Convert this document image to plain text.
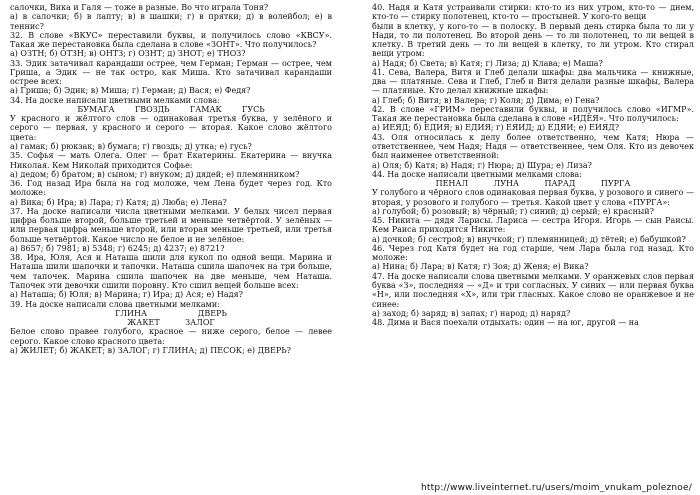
салочки, Вика и Галя — тоже в разные. Во что играла Тоня?

а) в салочки; б) в лапту; в) в шашки; г) в прятки; д) в волейбол; е) в теннис?

32. В слове «ВКУС» переставили буквы, и получилось слово «КВСУ». Такая же перестановка была сделана в слове «ЗОНТ». Что получилось?

а) ОЗТН; б) ОТЗН; в) ОНТЗ; г) ОЗНТ; д) ЗНОТ; е) ТНОЗ?

33. Эдик затачивал карандаши острее, чем Герман; Герман — острее, чем Гриша, а Эдик — не так остро, как Миша. Кто затачивал карандаши острее всех:

а) Гриша; б) Эдик; в) Миша; г) Герман; д) Вася; е) Федя?

34. На доске написали цветными мелками слова:

БУМАГА        ГВОЗДЬ        ГАМАК        ГУСЬ

У красного и жёлтого слов — одинаковая третья буква, у зелёного и серого — первая, у красного и серого — вторая. Какое слово жёлтого цвета:

а) гамак; б) рюкзак; в) бумага; г) гвоздь; д) утка; е) гусь?

35. Софья — мать Олега. Олег — брат Екатерины. Екатерина — внучка Николая. Кем Николай приходится Софье:

а) дедом; б) братом; в) сыном; г) внуком; д) дядей; е) племянником?

36. Год назад Ира была на год моложе, чем Лена будет через год. Кто моложе:

а) Вика; б) Ира; в) Лара; г) Катя; д) Люба; е) Лена?

37. На доске написали числа цветными мелками. У белых чисел первая цифра больше второй, больше третьей и меньше четвёртой. У зелёных — или первая цифра меньше второй, или вторая меньше третьей, или третья больше четвёртой. Какое число не белое и не зелёное:

а) 8657; б) 7981; в) 5348; г) 6245; д) 4237; е) 8721?

38. Ира, Юля, Ася и Наташа шили для кукол по одной вещи. Марина и Наташа шили шапочки и тапочки. Наташа сшила шапочек на три больше, чем тапочек. Марина сшила шапочек на две меньше, чем Наташа. Тапочек эти девочки сшили поровну. Кто сшил вещей больше всех:

а) Наташа; б) Юля; в) Марина; г) Ира; д) Ася; е) Надя?

39. На доске написали слова цветными мелками:

ГЛИНА                    ДВЕРЬ

ЖАКЕТ          ЗАЛОГ

Белое слово правее голубого, красное — ниже серого, белое — левее серого. Какое слово красного цвета:

а) ЖИЛЕТ; б) ЖАКЕТ; в) ЗАЛОГ; г) ГЛИНА; д) ПЕСОК; е) ДВЕРЬ?

40. Надя и Катя устраивали стирки: кто-то из них утром, кто-то — днем, кто-то — стирку полотенец, кто-то — простыней. У кого-то вещи

были в клетку, у кого-то — в полоску. В первый день стирка была то ли у Нади, то ли полотенец. Во второй день — то ли полотенец, то ли вещей в клетку. В третий день — то ли вещей в клетку, то ли утром. Кто стирал вещи утром:

а) Надя; б) Света; в) Катя; г) Лиза; д) Клава; е) Маша?

41. Сева, Валера, Витя и Глеб делали шкафы: два мальчика — книжные, два — платяные. Сева и Глеб, Глеб и Витя делали разные шкафы, Валера — платяные. Кто делал книжные шкафы:

а) Глеб; б) Витя; в) Валера; г) Коля; д) Дима; е) Гена?

42. В слове «ГРИМ» переставили буквы, и получилось слово «ИГМР». Такая же перестановка была сделана в слове «ИДЕЯ». Что получилось:

а) ИЕЯД; б) ЕДИЯ; в) ЕДИЯ; г) ЕЯИД; д) ЕДЯИ; е) ЕИЯД?

43. Оля относилась к делу более ответственно, чем Катя; Нюра — ответственнее, чем Надя; Надя — ответственнее, чем Оля. Кто из девочек был наименее ответственной:

а) Оля; б) Катя; в) Надя; г) Нюра; д) Шура; е) Лиза?

44. На доске написали цветными мелками слова:

ПЕНАЛ          ЛУНА          ПАРАД          ПУРГА

У голубого и чёрного слов одинаковая первая буква, у розового и синего — вторая, у розового и голубого — третья. Какой цвет у слова «ПУРГА»:

а) голубой; б) розовый; в) чёрный; г) синий; д) серый; е) красный?

45. Никита — дядя Ларисы. Лариса — сестра Игоря. Игорь — сын Раисы. Кем Раиса приходится Никите:

а) дочкой; б) сестрой; в) внучкой; г) племянницей; д) тётей; е) бабушкой?

46. Через год Катя будет на год старше, чем Лара была год назад. Кто моложе:

а) Нина; б) Лара; в) Катя; г) Зоя; д) Женя; е) Вика?

47. На доске написали слова цветными мелками. У оранжевых слов первая буква «З», последняя — «Д» и три согласных. У синих — или первая буква «Н», или последняя «Х», или три гласных. Какое слово не оранжевое и не синее:

а) заход; б) заряд; в) запах; г) народ; д) наряд?

48. Дима и Вася поехали отдыхать: один — на юг, другой — на

http://www.liveinternet.ru/users/moim_vnukam_poleznoe/
